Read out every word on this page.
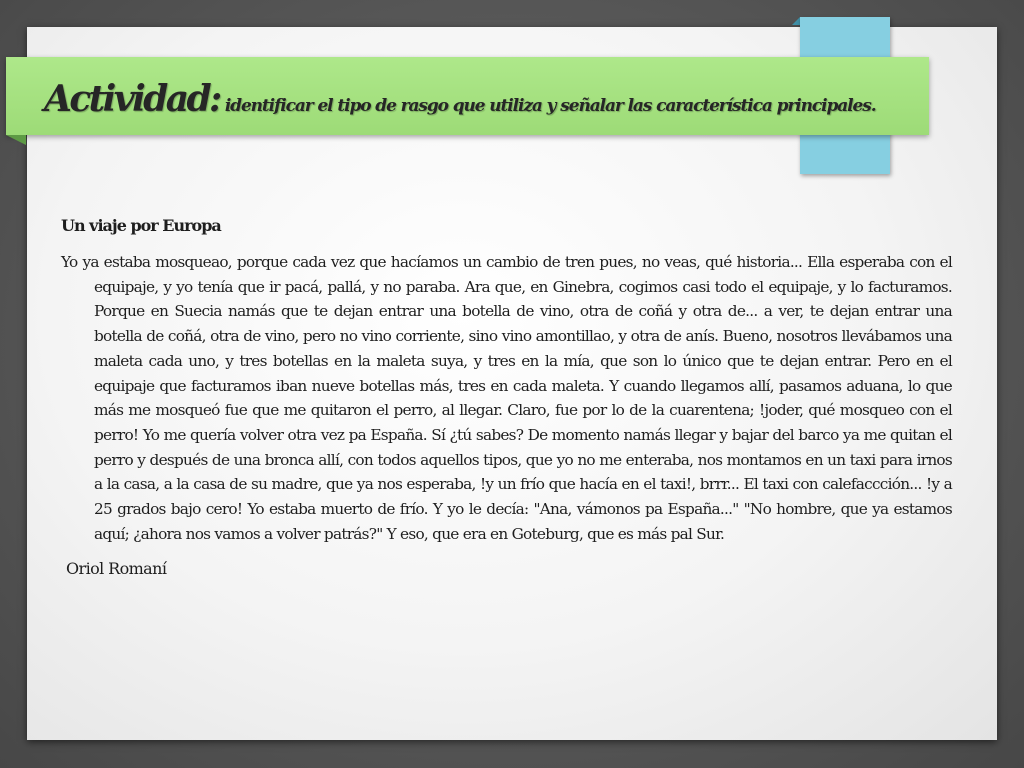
Actividad: identificar el tipo de rasgo que utiliza y señalar las característica principales.
Un viaje por Europa

Yo ya estaba mosqueao, porque cada vez que hacíamos un cambio de tren pues, no veas, qué historia... Ella esperaba con el equipaje, y yo tenía que ir pacá, pallá, y no paraba. Ara que, en Ginebra, cogimos casi todo el equipaje, y lo facturamos. Porque en Suecia namás que te dejan entrar una botella de vino, otra de coñá y otra de... a ver, te dejan entrar una botella de coñá, otra de vino, pero no vino corriente, sino vino amontillao, y otra de anís. Bueno, nosotros llevábamos una maleta cada uno, y tres botellas en la maleta suya, y tres en la mía, que son lo único que te dejan entrar. Pero en el equipaje que facturamos iban nueve botellas más, tres en cada maleta. Y cuando llegamos allí, pasamos aduana, lo que más me mosqueó fue que me quitaron el perro, al llegar. Claro, fue por lo de la cuarentena; !joder, qué mosqueo con el perro! Yo me quería volver otra vez pa España. Sí ¿tú sabes? De momento namás llegar y bajar del barco ya me quitan el perro y después de una bronca allí, con todos aquellos tipos, que yo no me enteraba, nos montamos en un taxi para irnos a la casa, a la casa de su madre, que ya nos esperaba, !y un frío que hacía en el taxi!, brrr... El taxi con calefaccción... !y a 25 grados bajo cero! Yo estaba muerto de frío. Y yo le decía: "Ana, vámonos pa España..." "No hombre, que ya estamos aquí; ¿ahora nos vamos a volver patrás?" Y eso, que era en Goteburg, que es más pal Sur.

Oriol Romaní
